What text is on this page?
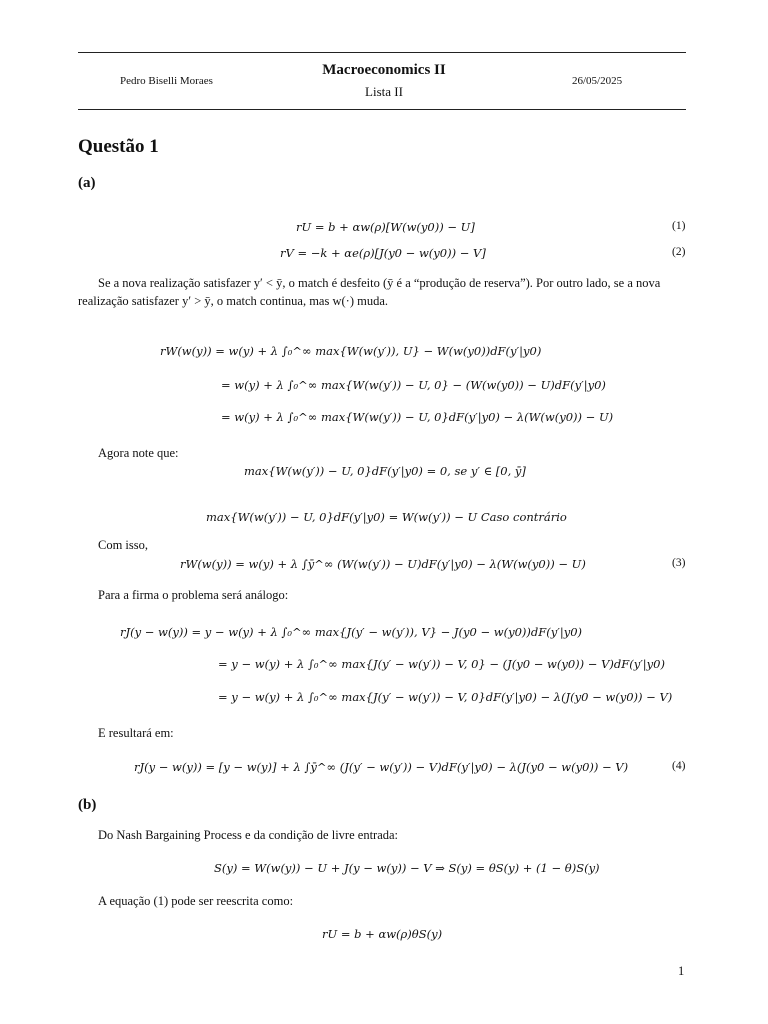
Pedro Biselli Moraes
Macroeconomics II
Lista II
26/05/2025
Questão 1
(a)
rU = b + αw(ρ)[W(w(y0)) − U]	(1)
rV = −k + αe(ρ)[J(y0 − w(y0)) − V]	(2)
Se a nova realização satisfazer y′ < ȳ, o match é desfeito (ȳ é a “produção de reserva”). Por outro lado, se a nova
realização satisfazer y′ > ȳ, o match continua, mas w(·) muda.
rW(w(y)) = w(y) + λ ∫₀^∞ max{W(w(y′)), U} − W(w(y0))dF(y′|y0)
= w(y) + λ ∫₀^∞ max{W(w(y′)) − U, 0} − (W(w(y0)) − U)dF(y′|y0)
= w(y) + λ ∫₀^∞ max{W(w(y′)) − U, 0}dF(y′|y0) − λ(W(w(y0)) − U)
Agora note que:
max{W(w(y′)) − U, 0}dF(y′|y0) = 0, se y′ ∈ [0, ȳ]
max{W(w(y′)) − U, 0}dF(y′|y0) = W(w(y′)) − U Caso contrário
Com isso,
rW(w(y)) = w(y) + λ ∫ȳ^∞ (W(w(y′)) − U)dF(y′|y0) − λ(W(w(y0)) − U)	(3)
Para a firma o problema será análogo:
rJ(y − w(y)) = y − w(y) + λ ∫₀^∞ max{J(y′ − w(y′)), V} − J(y0 − w(y0))dF(y′|y0)
= y − w(y) + λ ∫₀^∞ max{J(y′ − w(y′)) − V, 0} − (J(y0 − w(y0)) − V)dF(y′|y0)
= y − w(y) + λ ∫₀^∞ max{J(y′ − w(y′)) − V, 0}dF(y′|y0) − λ(J(y0 − w(y0)) − V)
E resultará em:
rJ(y − w(y)) = [y − w(y)] + λ ∫ȳ^∞ (J(y′ − w(y′)) − V)dF(y′|y0) − λ(J(y0 − w(y0)) − V)	(4)
(b)
Do Nash Bargaining Process e da condição de livre entrada:
S(y) = W(w(y)) − U + J(y − w(y)) − V ⇒ S(y) = θS(y) + (1 − θ)S(y)
A equação (1) pode ser reescrita como:
rU = b + αw(ρ)θS(y)
1
